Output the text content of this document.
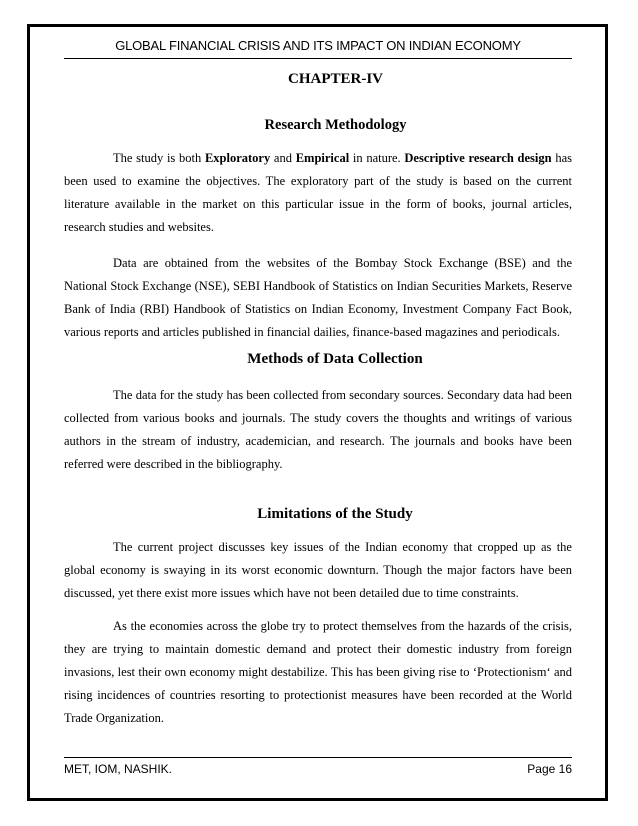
GLOBAL FINANCIAL CRISIS AND ITS IMPACT ON INDIAN ECONOMY
CHAPTER-IV
Research Methodology

The study is both Exploratory and Empirical in nature. Descriptive research design has been used to examine the objectives. The exploratory part of the study is based on the current literature available in the market on this particular issue in the form of books, journal articles, research studies and websites.

Data are obtained from the websites of the Bombay Stock Exchange (BSE) and the National Stock Exchange (NSE), SEBI Handbook of Statistics on Indian Securities Markets, Reserve Bank of India (RBI) Handbook of Statistics on Indian Economy, Investment Company Fact Book, various reports and articles published in financial dailies, finance-based magazines and periodicals.

Methods of Data Collection

The data for the study has been collected from secondary sources. Secondary data had been collected from various books and journals. The study covers the thoughts and writings of various authors in the stream of industry, academician, and research. The journals and books have been referred were described in the bibliography.

Limitations of the Study

The current project discusses key issues of the Indian economy that cropped up as the global economy is swaying in its worst economic downturn. Though the major factors have been discussed, yet there exist more issues which have not been detailed due to time constraints.

As the economies across the globe try to protect themselves from the hazards of the crisis, they are trying to maintain domestic demand and protect their domestic industry from foreign invasions, lest their own economy might destabilize. This has been giving rise to ‘Protectionism‘ and rising incidences of countries resorting to protectionist measures have been recorded at the World Trade Organization.

MET, IOM, NASHIK.	Page 16
